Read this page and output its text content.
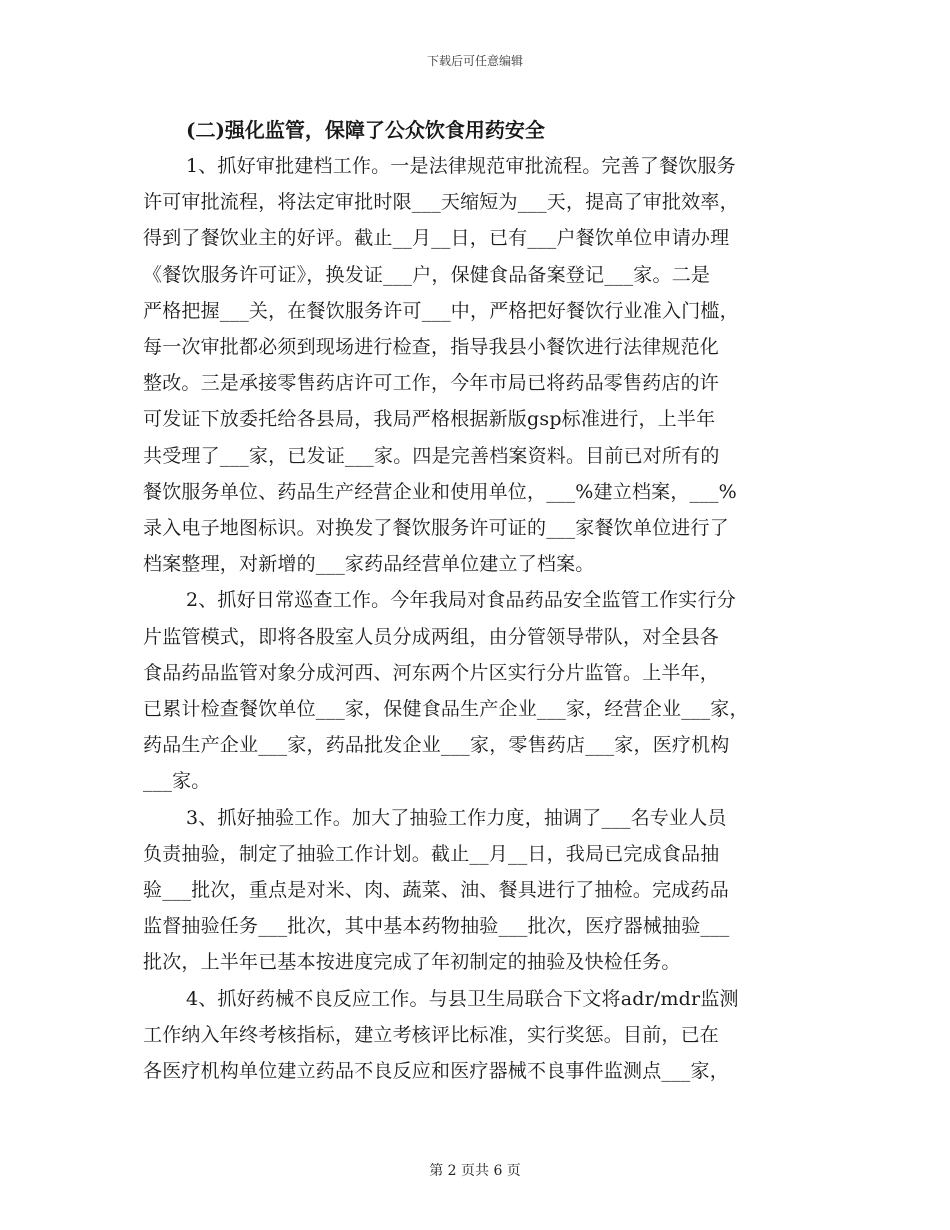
下载后可任意编辑
(二)强化监管，保障了公众饮食用药安全
1、抓好审批建档工作。一是法律规范审批流程。完善了餐饮服务
许可审批流程，将法定审批时限___天缩短为___天，提高了审批效率，
得到了餐饮业主的好评。截止__月__日，已有___户餐饮单位申请办理
《餐饮服务许可证》，换发证___户，保健食品备案登记___家。二是
严格把握___关，在餐饮服务许可___中，严格把好餐饮行业准入门槛，
每一次审批都必须到现场进行检查，指导我县小餐饮进行法律规范化
整改。三是承接零售药店许可工作，今年市局已将药品零售药店的许
可发证下放委托给各县局，我局严格根据新版gsp标准进行，上半年
共受理了___家，已发证___家。四是完善档案资料。目前已对所有的
餐饮服务单位、药品生产经营企业和使用单位，___%建立档案，___%
录入电子地图标识。对换发了餐饮服务许可证的___家餐饮单位进行了
档案整理，对新增的___家药品经营单位建立了档案。
2、抓好日常巡查工作。今年我局对食品药品安全监管工作实行分
片监管模式，即将各股室人员分成两组，由分管领导带队，对全县各
食品药品监管对象分成河西、河东两个片区实行分片监管。上半年，
已累计检查餐饮单位___家，保健食品生产企业___家，经营企业___家，
药品生产企业___家，药品批发企业___家，零售药店___家，医疗机构
___家。
3、抓好抽验工作。加大了抽验工作力度，抽调了___名专业人员
负责抽验，制定了抽验工作计划。截止__月__日，我局已完成食品抽
验___批次，重点是对米、肉、蔬菜、油、餐具进行了抽检。完成药品
监督抽验任务___批次，其中基本药物抽验___批次，医疗器械抽验___
批次，上半年已基本按进度完成了年初制定的抽验及快检任务。
4、抓好药械不良反应工作。与县卫生局联合下文将adr/mdr监测
工作纳入年终考核指标，建立考核评比标准，实行奖惩。目前，已在
各医疗机构单位建立药品不良反应和医疗器械不良事件监测点___家，
第 2 页共 6 页
